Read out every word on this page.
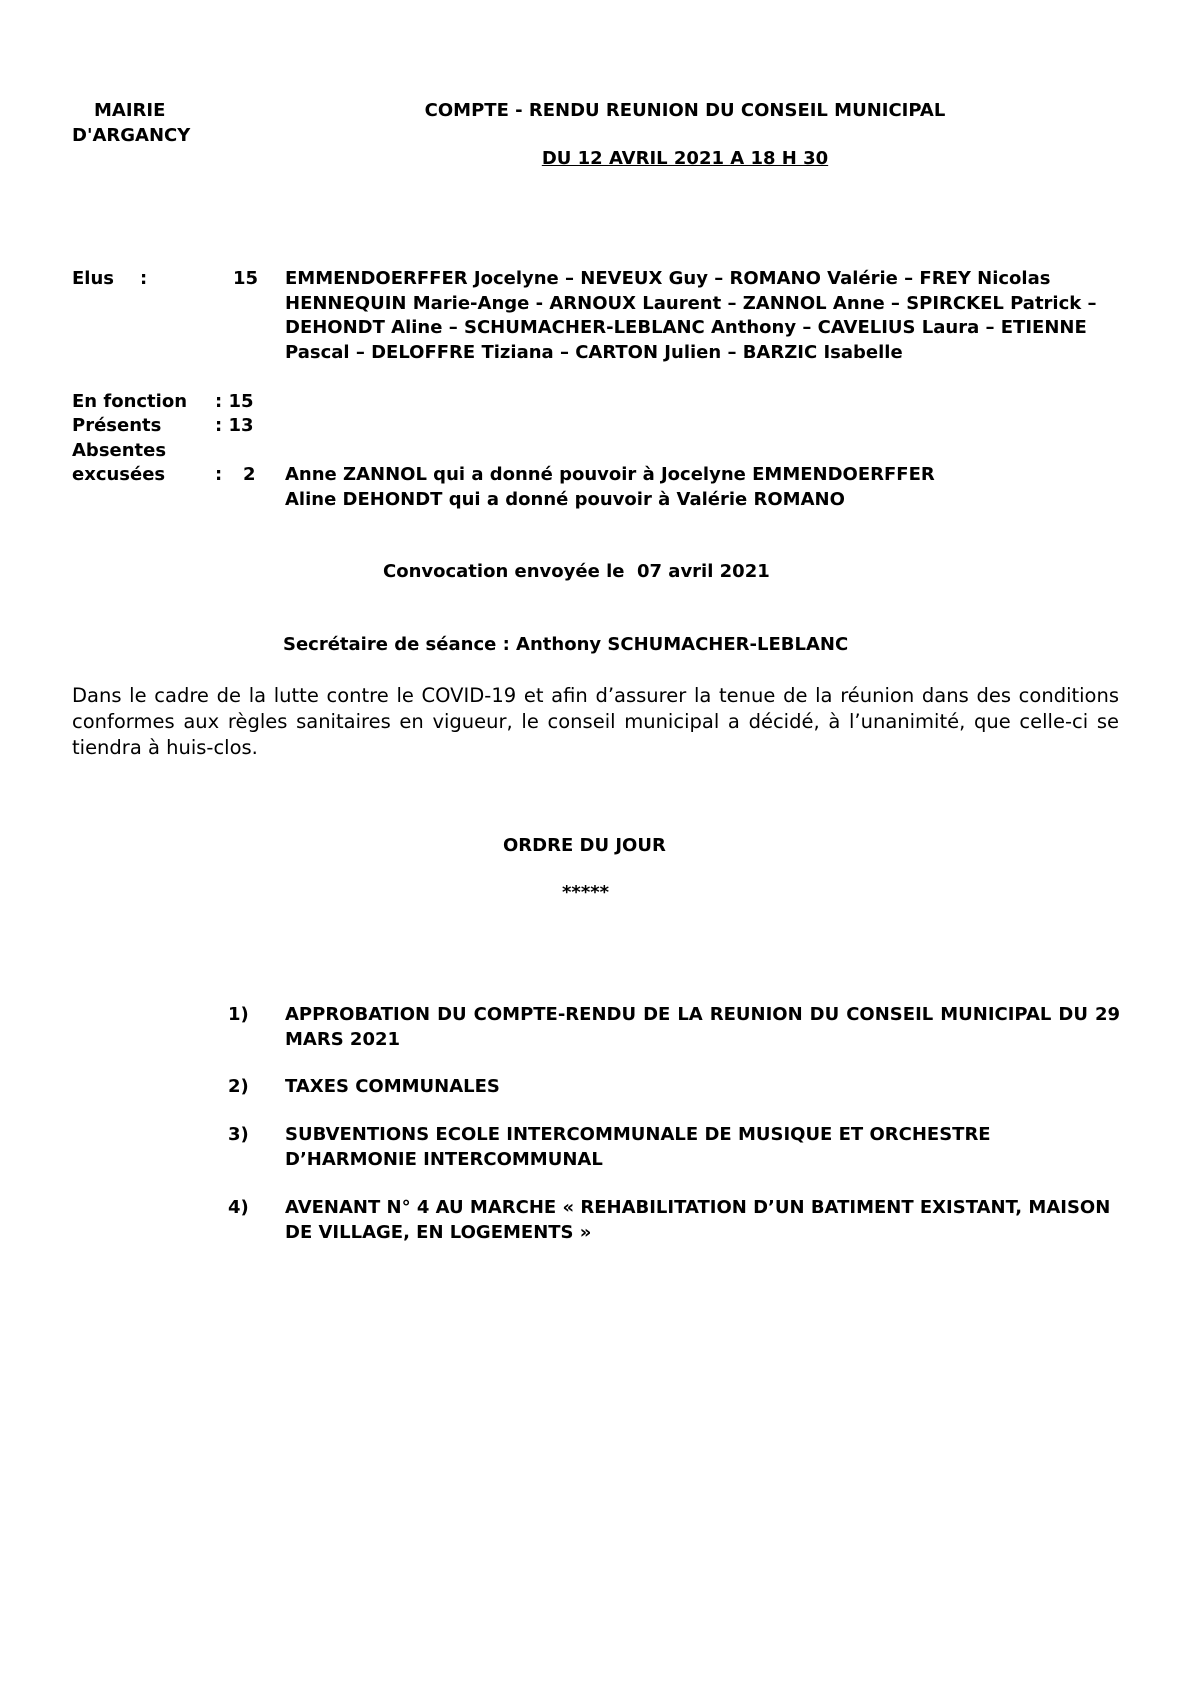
MAIRIE
D'ARGANCY
COMPTE - RENDU REUNION DU CONSEIL MUNICIPAL
DU 12 AVRIL 2021 A 18 H 30
Elus :	15 EMMENDOERFFER Jocelyne – NEVEUX Guy – ROMANO Valérie – FREY Nicolas HENNEQUIN Marie-Ange - ARNOUX Laurent – ZANNOL Anne – SPIRCKEL Patrick – DEHONDT Aline – SCHUMACHER-LEBLANC Anthony – CAVELIUS Laura – ETIENNE Pascal – DELOFFRE Tiziana – CARTON Julien – BARZIC Isabelle
En fonction : 15
Présents	: 13
Absentes
excusées	: 2 Anne ZANNOL qui a donné pouvoir à Jocelyne EMMENDOERFFER
Aline DEHONDT qui a donné pouvoir à Valérie ROMANO
Convocation envoyée le  07 avril 2021
Secrétaire de séance : Anthony SCHUMACHER-LEBLANC
Dans le cadre de la lutte contre le COVID-19 et afin d’assurer la tenue de la réunion dans des conditions conformes aux règles sanitaires en vigueur, le conseil municipal a décidé, à l’unanimité, que celle-ci se tiendra à huis-clos.
ORDRE DU JOUR
*****
1) APPROBATION DU COMPTE-RENDU DE LA REUNION DU CONSEIL MUNICIPAL DU 29 MARS 2021
2) TAXES COMMUNALES
3) SUBVENTIONS ECOLE INTERCOMMUNALE DE MUSIQUE ET ORCHESTRE D’HARMONIE INTERCOMMUNAL
4) AVENANT N° 4 AU MARCHE « REHABILITATION D’UN BATIMENT EXISTANT, MAISON DE VILLAGE, EN LOGEMENTS »
